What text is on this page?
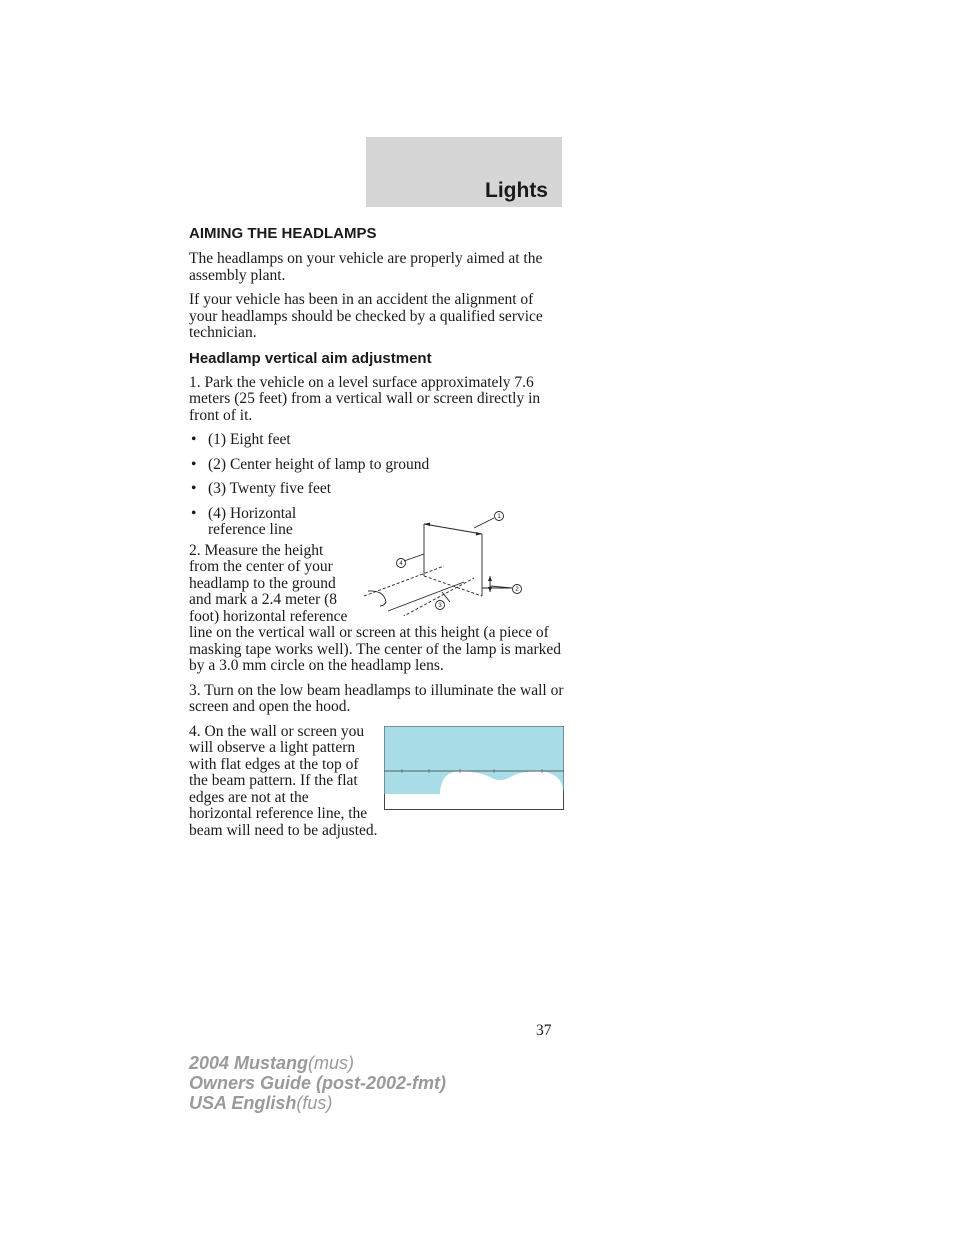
Lights
AIMING THE HEADLAMPS

The headlamps on your vehicle are properly aimed at the assembly plant.

If your vehicle has been in an accident the alignment of your headlamps should be checked by a qualified service technician.

Headlamp vertical aim adjustment

1. Park the vehicle on a level surface approximately 7.6 meters (25 feet) from a vertical wall or screen directly in front of it.

• (1) Eight feet
• (2) Center height of lamp to ground
• (3) Twenty five feet
1
2
3
4
• (4) Horizontal reference line

2. Measure the height from the center of your headlamp to the ground and mark a 2.4 meter (8 foot) horizontal reference line on the vertical wall or screen at this height (a piece of masking tape works well). The center of the lamp is marked by a 3.0 mm circle on the headlamp lens.

3. Turn on the low beam headlamps to illuminate the wall or screen and open the hood.

4. On the wall or screen you will observe a light pattern with flat edges at the top of the beam pattern. If the flat edges are not at the horizontal reference line, the beam will need to be adjusted.

37
2004 Mustang(mus)
Owners Guide (post-2002-fmt)
USA English(fus)
